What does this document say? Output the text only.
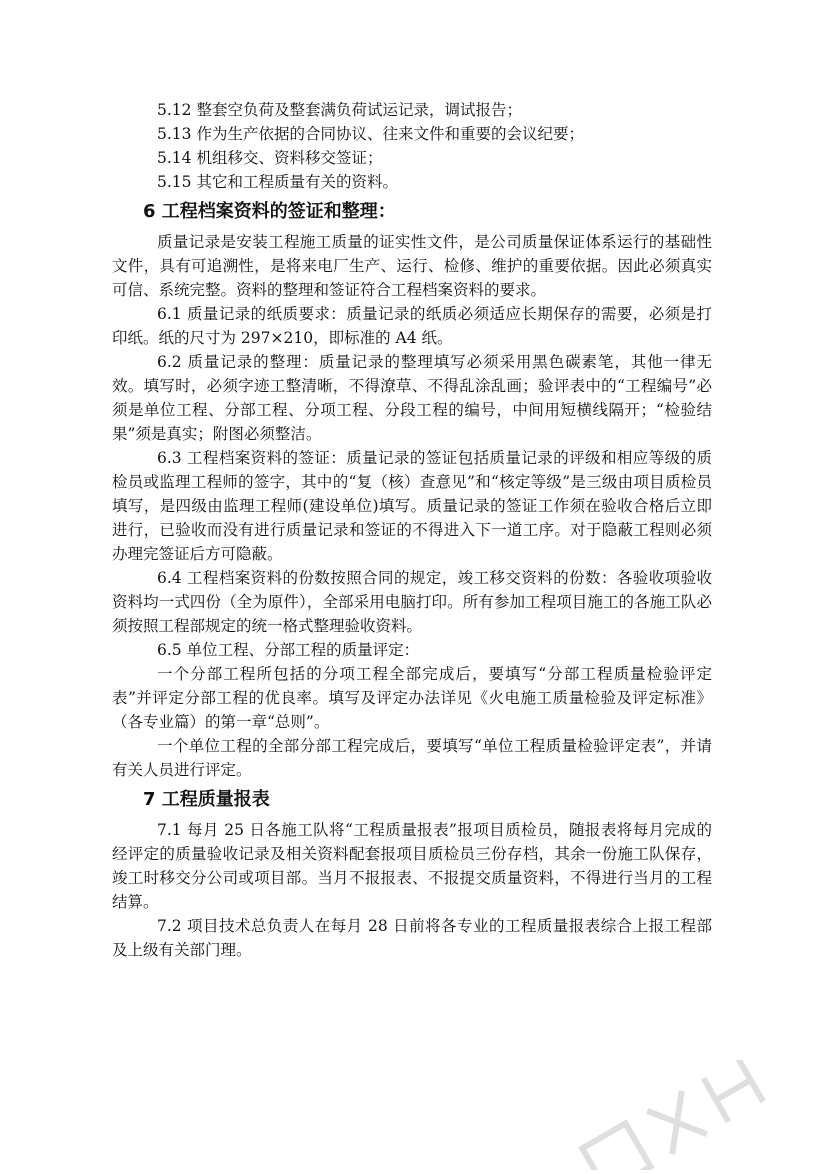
5.12 整套空负荷及整套满负荷试运记录，调试报告；

5.13 作为生产依据的合同协议、往来文件和重要的会议纪要；

5.14 机组移交、资料移交签证；

5.15 其它和工程质量有关的资料。

6 工程档案资料的签证和整理：

质量记录是安装工程施工质量的证实性文件，是公司质量保证体系运行的基础性文件，具有可追溯性，是将来电厂生产、运行、检修、维护的重要依据。因此必须真实可信、系统完整。资料的整理和签证符合工程档案资料的要求。

6.1 质量记录的纸质要求：质量记录的纸质必须适应长期保存的需要，必须是打印纸。纸的尺寸为 297×210，即标准的 A4 纸。

6.2 质量记录的整理：质量记录的整理填写必须采用黑色碳素笔，其他一律无效。填写时，必须字迹工整清晰，不得潦草、不得乱涂乱画；验评表中的“工程编号”必须是单位工程、分部工程、分项工程、分段工程的编号，中间用短横线隔开；“检验结果”须是真实；附图必须整洁。

6.3 工程档案资料的签证：质量记录的签证包括质量记录的评级和相应等级的质检员或监理工程师的签字，其中的“复（核）查意见”和“核定等级”是三级由项目质检员填写，是四级由监理工程师(建设单位)填写。质量记录的签证工作须在验收合格后立即进行，已验收而没有进行质量记录和签证的不得进入下一道工序。对于隐蔽工程则必须办理完签证后方可隐蔽。

6.4 工程档案资料的份数按照合同的规定，竣工移交资料的份数：各验收项验收资料均一式四份（全为原件），全部采用电脑打印。所有参加工程项目施工的各施工队必须按照工程部规定的统一格式整理验收资料。

6.5 单位工程、分部工程的质量评定：

一个分部工程所包括的分项工程全部完成后，要填写“分部工程质量检验评定表”并评定分部工程的优良率。填写及评定办法详见《火电施工质量检验及评定标准》（各专业篇）的第一章“总则”。

一个单位工程的全部分部工程完成后，要填写“单位工程质量检验评定表”，并请有关人员进行评定。

7 工程质量报表

7.1 每月 25 日各施工队将“工程质量报表”报项目质检员，随报表将每月完成的经评定的质量验收记录及相关资料配套报项目质检员三份存档，其余一份施工队保存，竣工时移交分公司或项目部。当月不报报表、不报提交质量资料，不得进行当月的工程结算。

7.2 项目技术总负责人在每月 28 日前将各专业的工程质量报表综合上报工程部及上级有关部门理。
